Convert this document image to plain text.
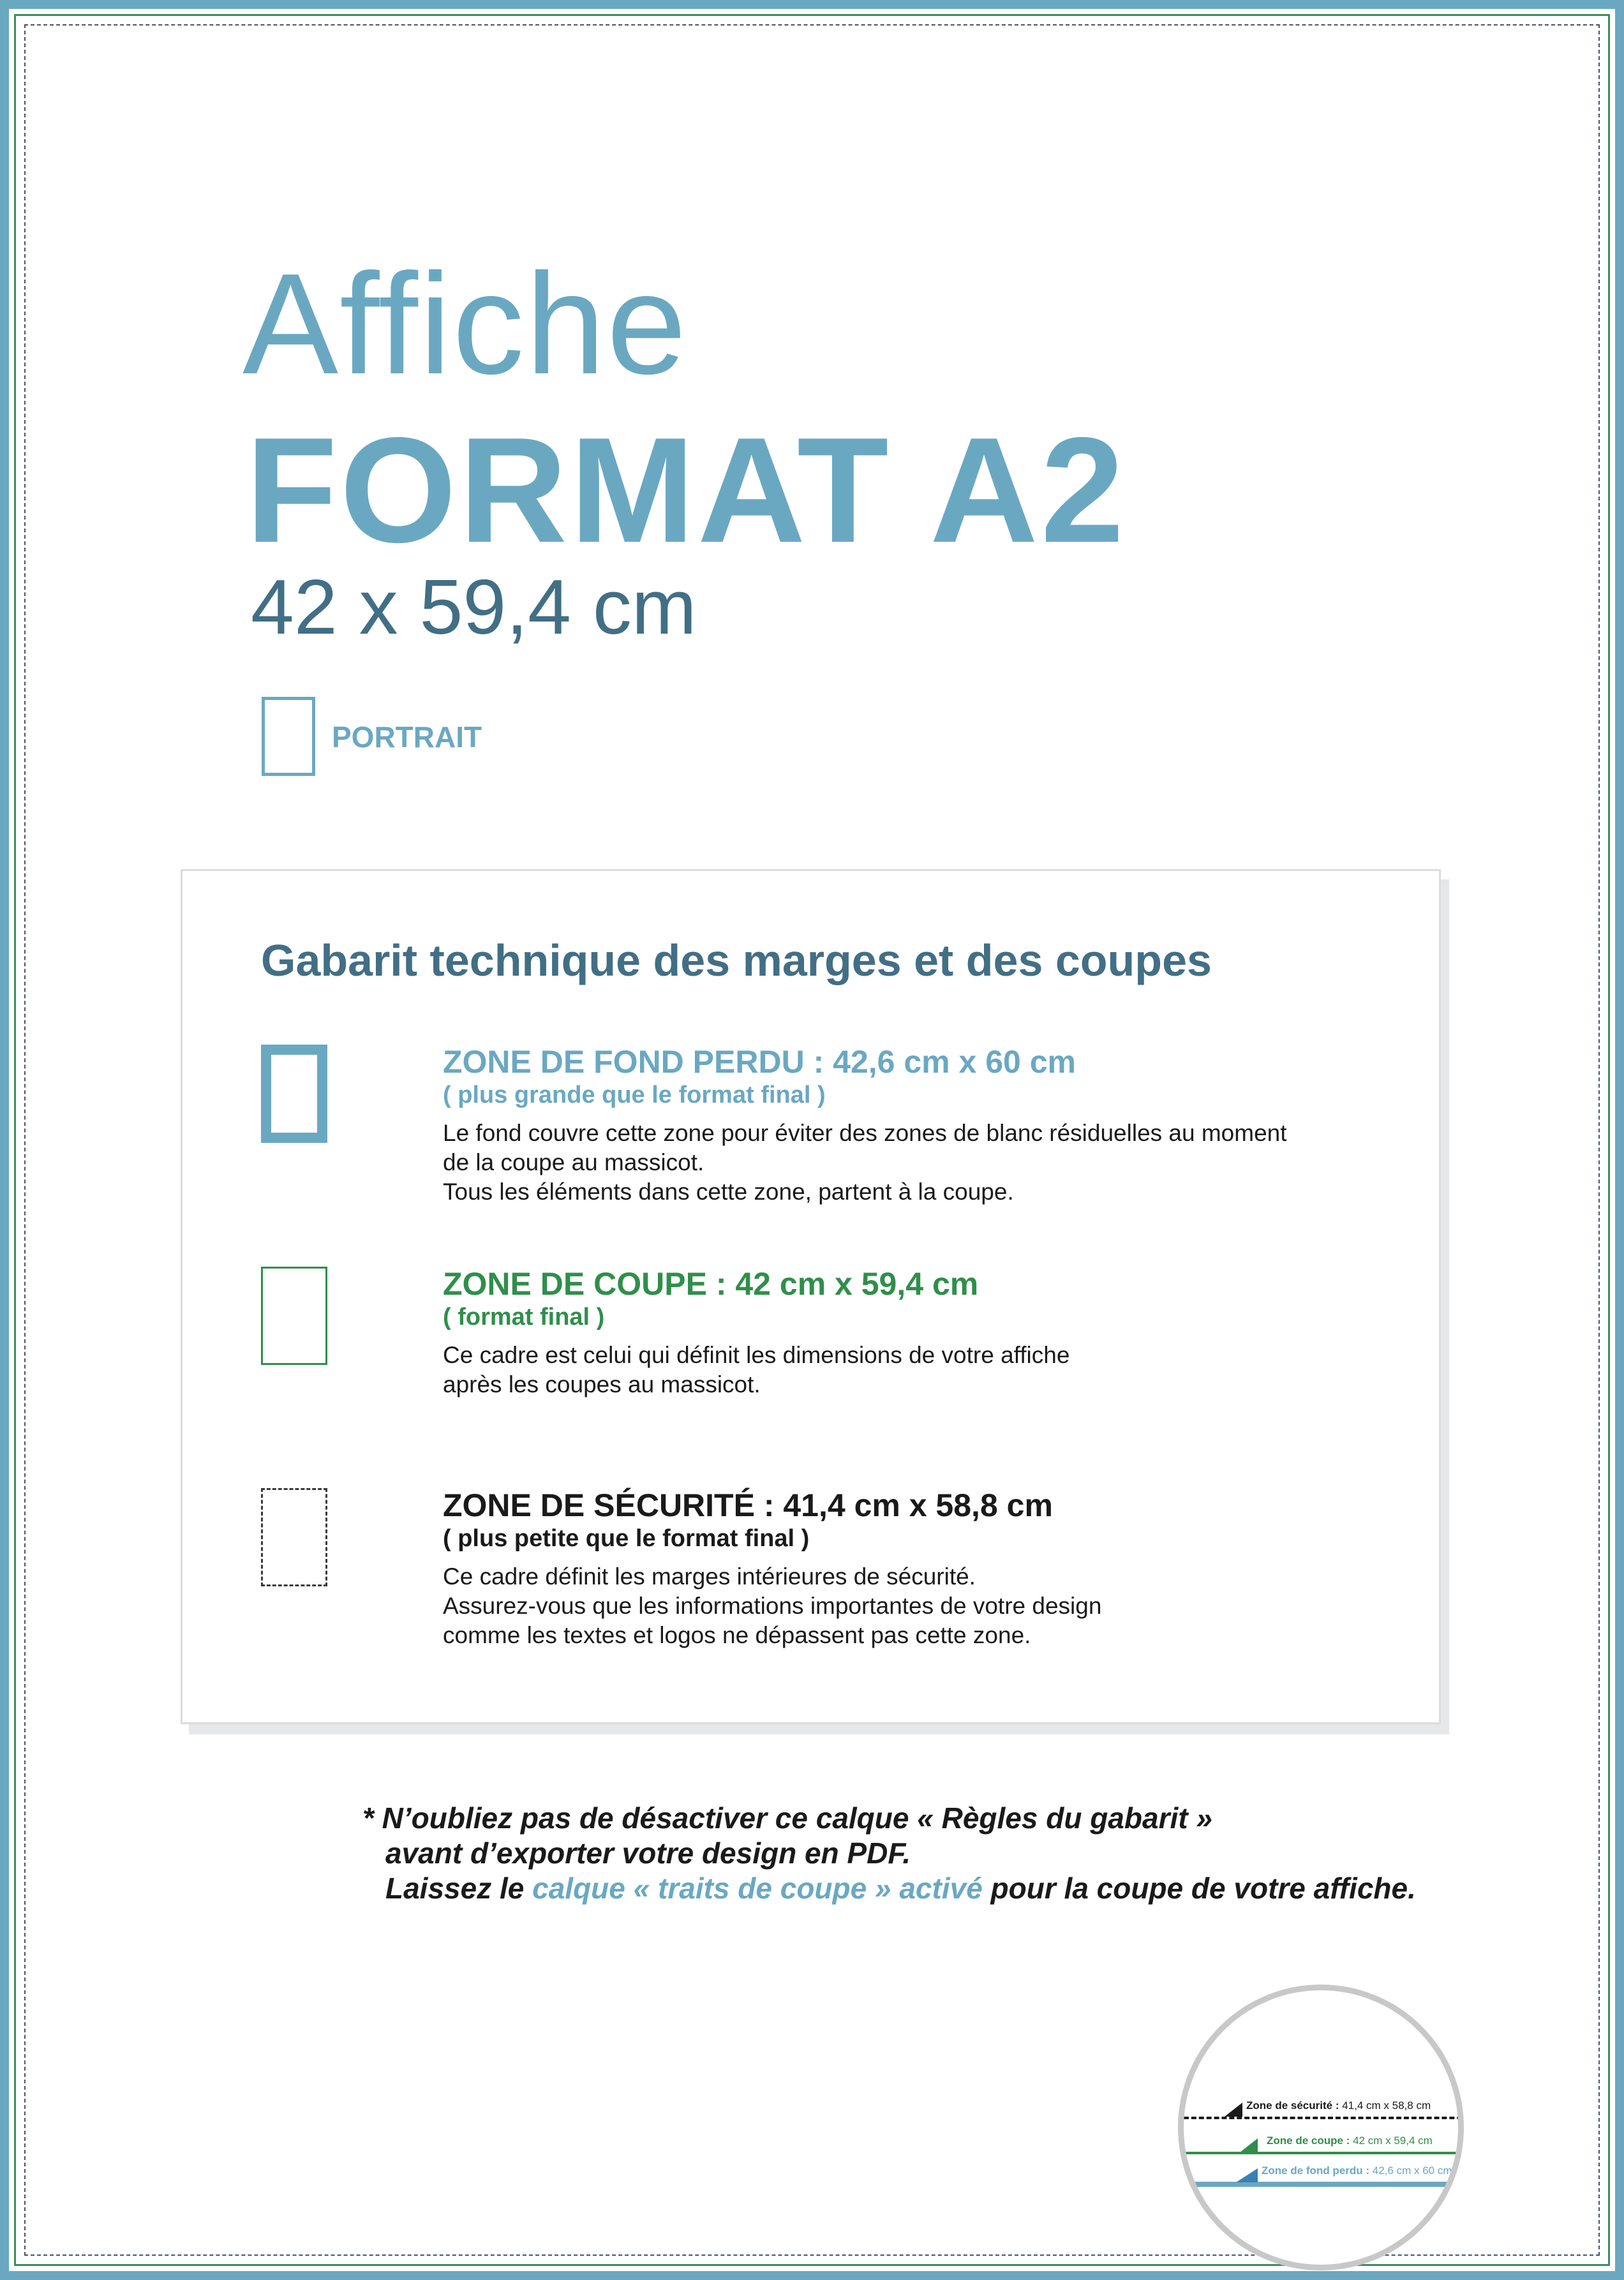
Affiche
FORMAT A2
42 x 59,4 cm
PORTRAIT
Gabarit technique des marges et des coupes
ZONE DE FOND PERDU : 42,6 cm x 60 cm
( plus grande que le format final )
Le fond couvre cette zone pour éviter des zones de blanc résiduelles au moment
de la coupe au massicot.
Tous les éléments dans cette zone, partent à la coupe.
ZONE DE COUPE : 42 cm x 59,4 cm
( format final )
Ce cadre est celui qui définit les dimensions de votre affiche
après les coupes au massicot.
ZONE DE SÉCURITÉ : 41,4 cm x 58,8 cm
( plus petite que le format final )
Ce cadre définit les marges intérieures de sécurité.
Assurez-vous que les informations importantes de votre design
comme les textes et logos ne dépassent pas cette zone.
* N’oubliez pas de désactiver ce calque « Règles du gabarit »
avant d’exporter votre design en PDF.
Laissez le calque « traits de coupe » activé pour la coupe de votre affiche.
Zone de sécurité : 41,4 cm x 58,8 cm
Zone de coupe : 42 cm x 59,4 cm
Zone de fond perdu : 42,6 cm x 60 cm
